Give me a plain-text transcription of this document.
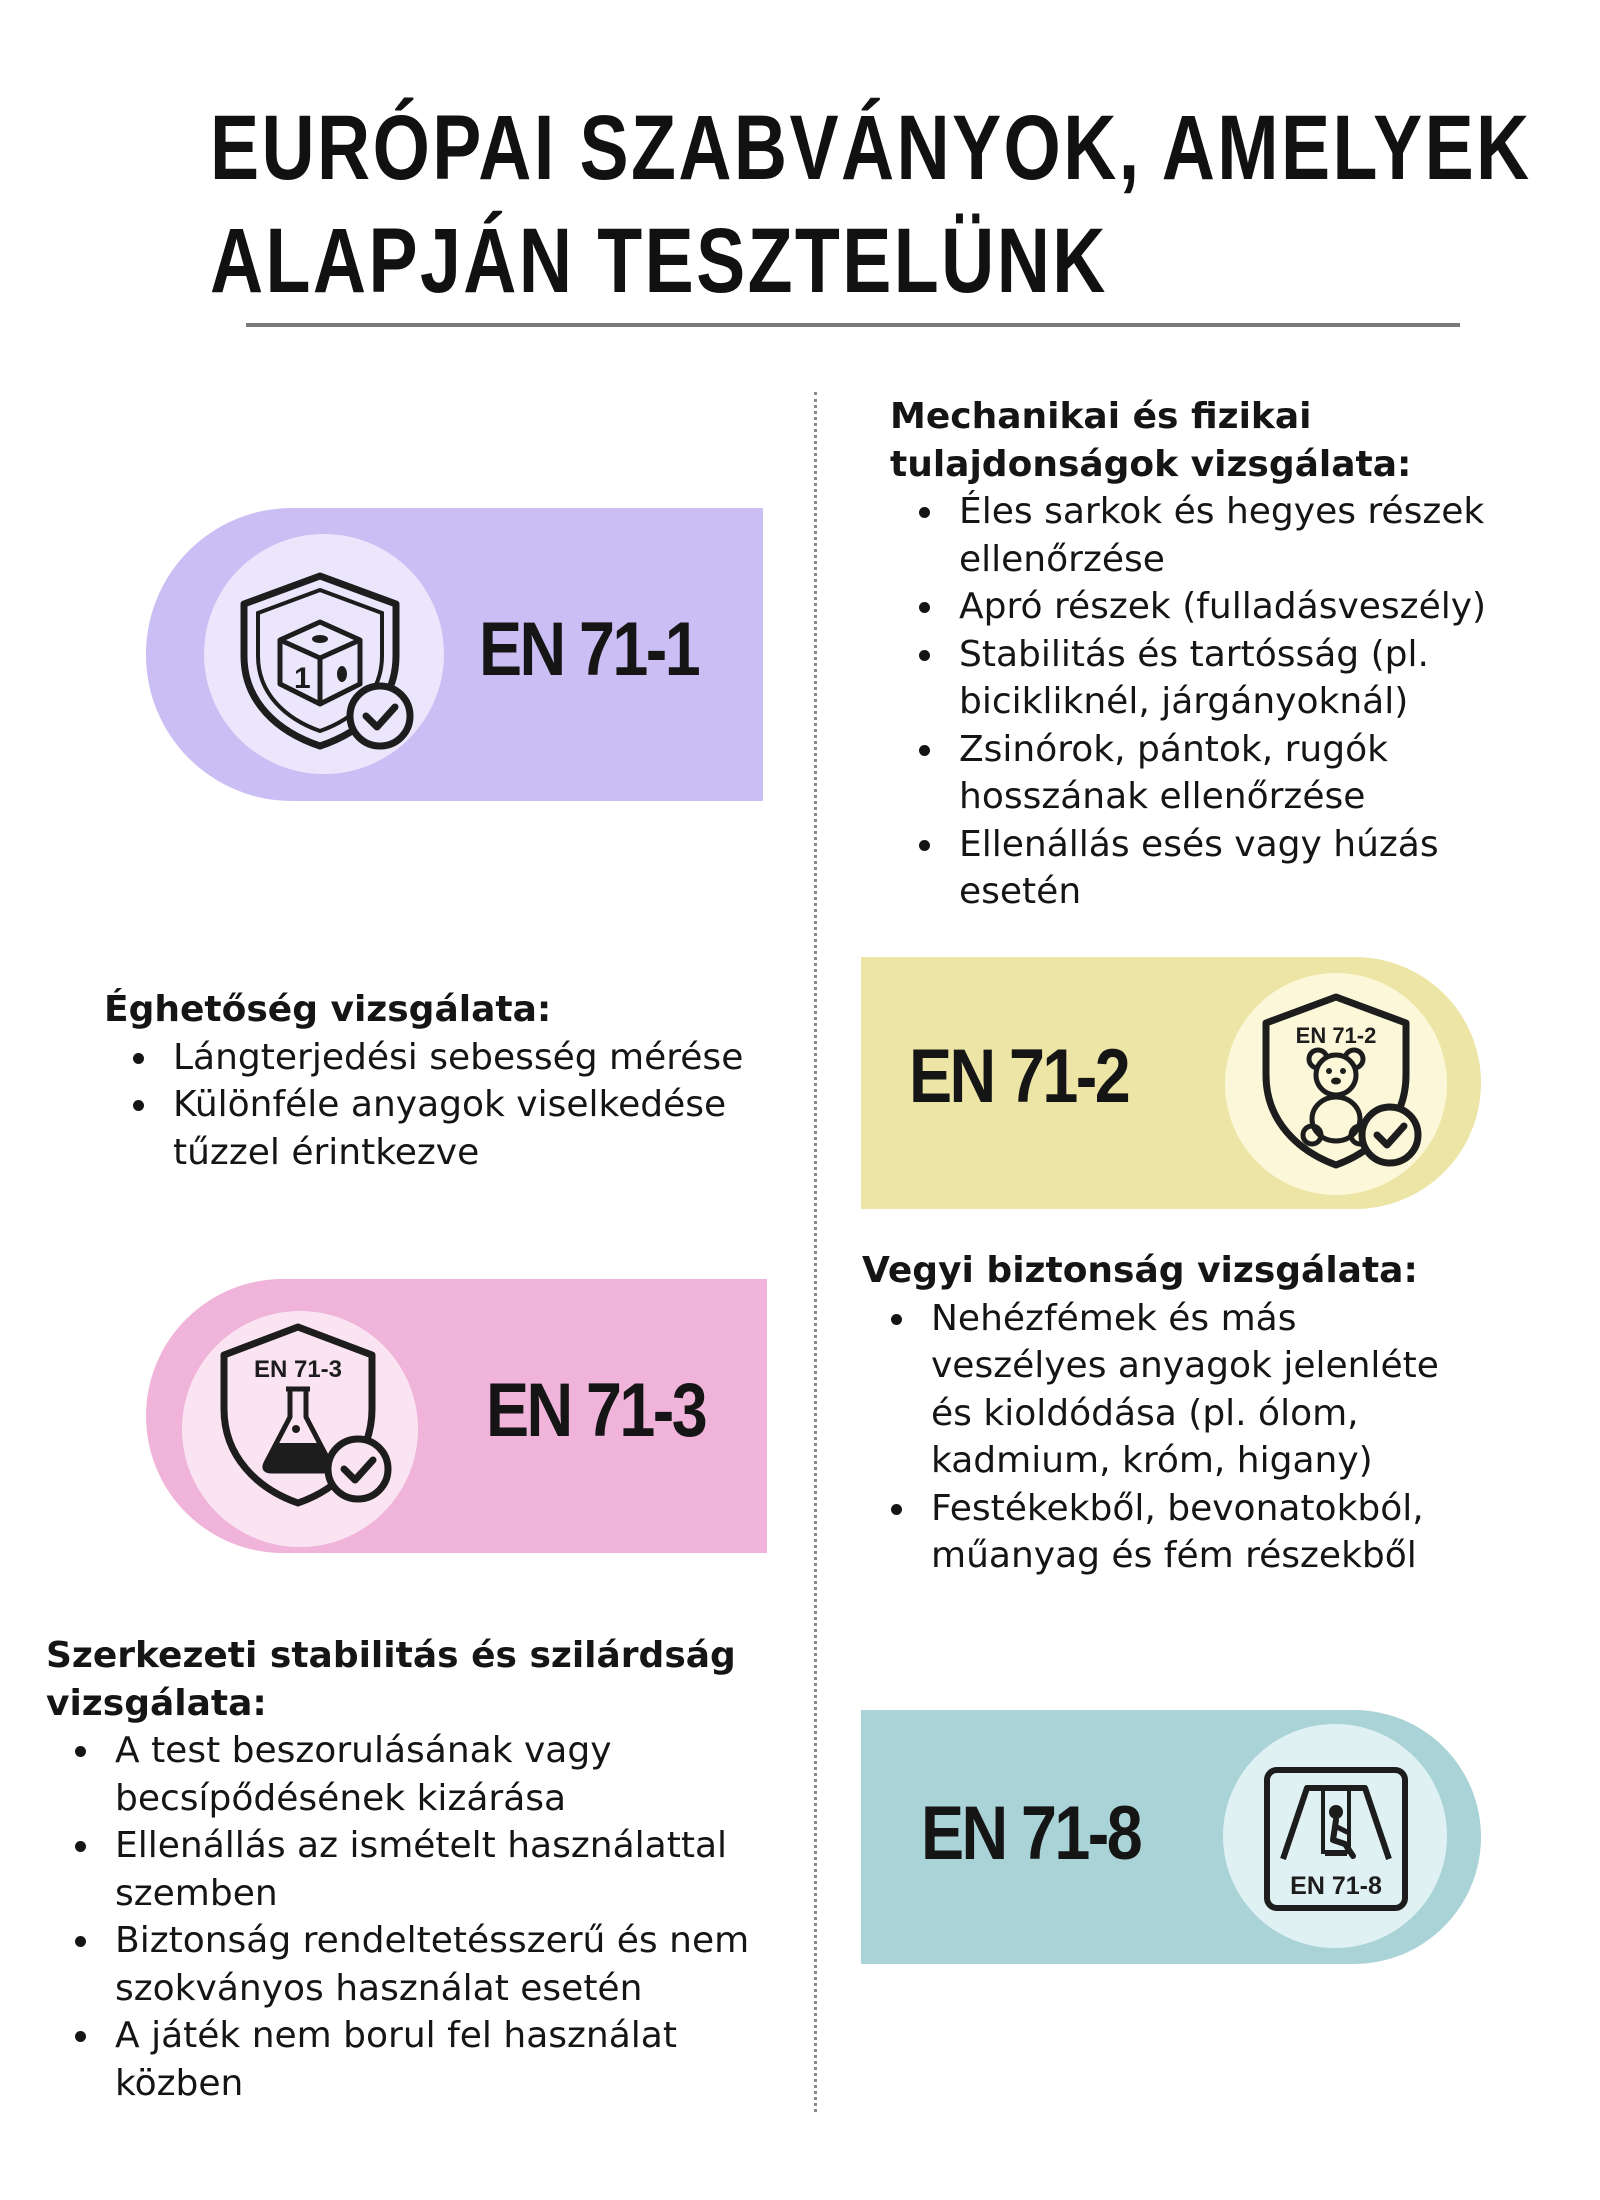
EURÓPAI SZABVÁNYOK, AMELYEK
ALAPJÁN TESZTELÜNK
1 EN 71-1
EN 71-2	EN 71-2
EN 71-3 EN 71-3
EN 71-8
EN 71-8
Mechanikai és fizikai tulajdonságok vizsgálata:
Éles sarkok és hegyes részek ellenőrzése
Apró részek (fulladásveszély)
Stabilitás és tartósság (pl. bicikliknél, járgányoknál)
Zsinórok, pántok, rugók hosszának ellenőrzése
Ellenállás esés vagy húzás esetén
Éghetőség vizsgálata:
Lángterjedési sebesség mérése
Különféle anyagok viselkedése tűzzel érintkezve
Vegyi biztonság vizsgálata:
Nehézfémek és más veszélyes anyagok jelenléte és kioldódása (pl. ólom, kadmium, króm, higany)
Festékekből, bevonatokból, műanyag és fém részekből
Szerkezeti stabilitás és szilárdság vizsgálata:
A test beszorulásának vagy becsípődésének kizárása
Ellenállás az ismételt használattal szemben
Biztonság rendeltetésszerű és nem szokványos használat esetén
A játék nem borul fel használat közben
